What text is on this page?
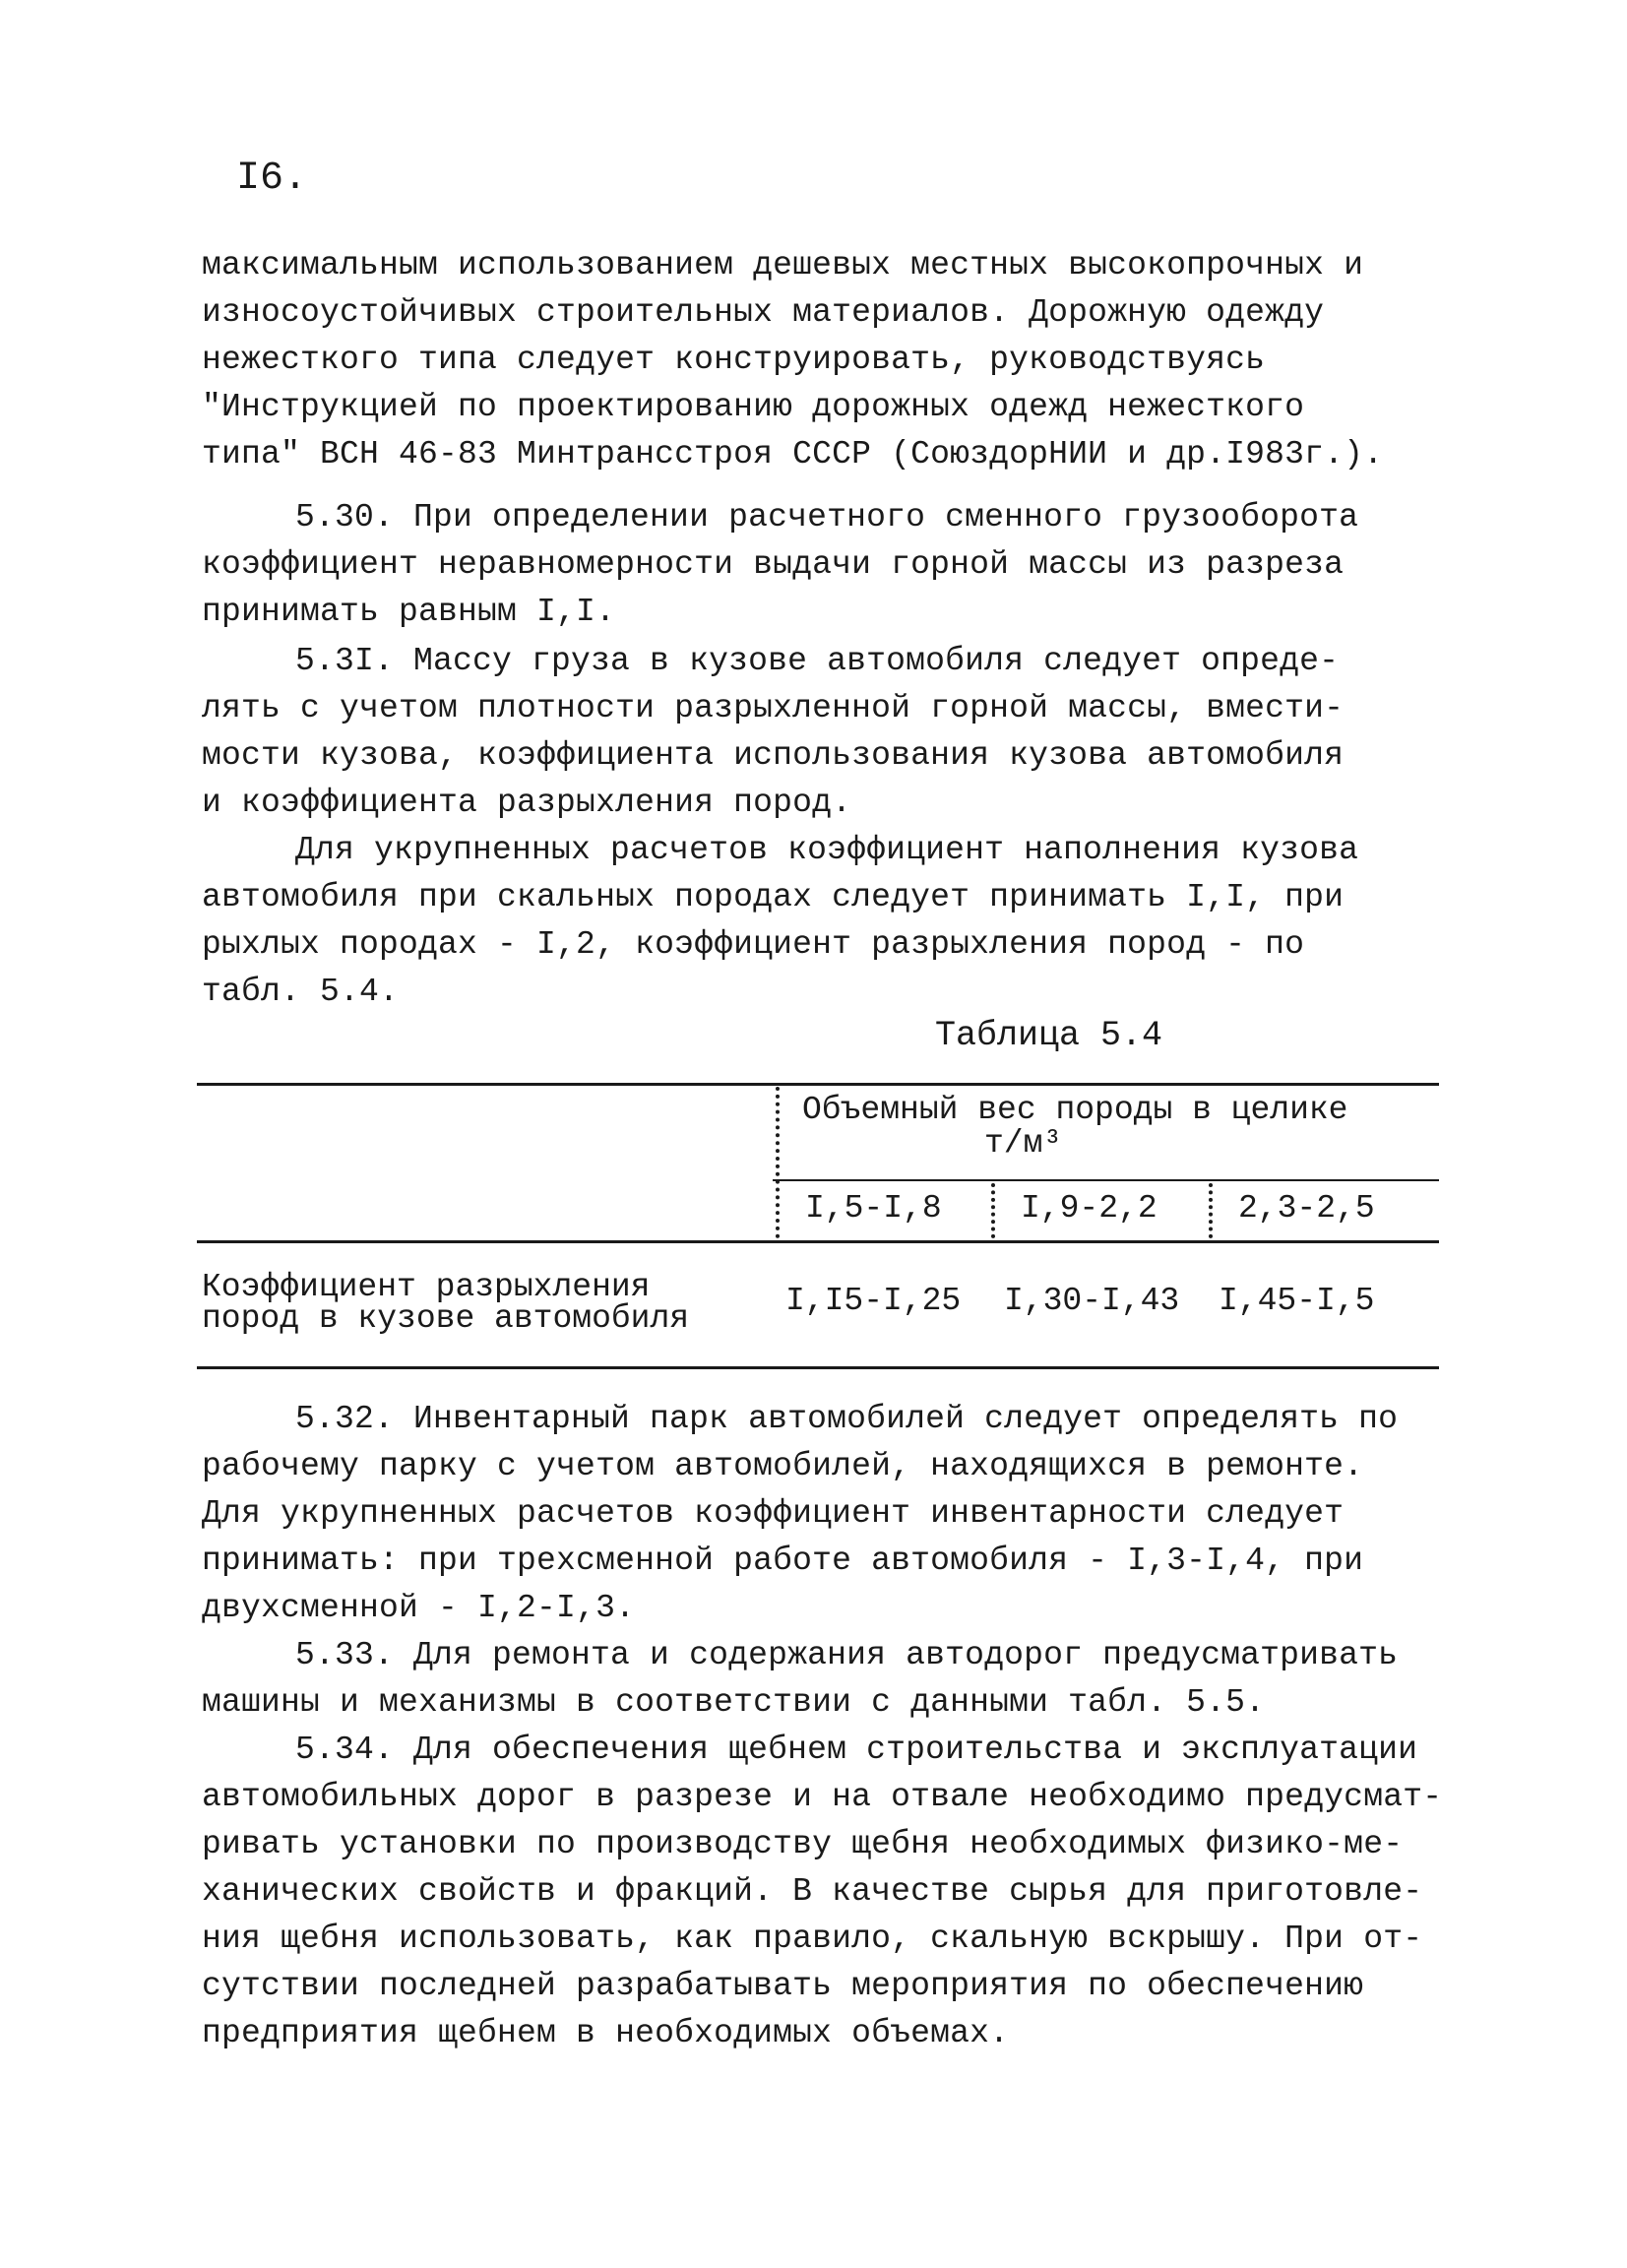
I6.
максимальным использованием дешевых местных высокопрочных и
износоустойчивых строительных материалов. Дорожную одежду
нежесткого типа следует конструировать, руководствуясь
"Инструкцией по проектированию дорожных одежд нежесткого
типа" ВСН 46-83 Минтрансстроя СССР (СоюздорНИИ и др.I983г.).
5.30. При определении расчетного сменного грузооборота
коэффициент неравномерности выдачи горной массы из разреза
принимать равным I,I.
5.3I. Массу груза в кузове автомобиля следует опреде-
лять с учетом плотности разрыхленной горной массы, вмести-
мости кузова, коэффициента использования кузова автомобиля
и коэффициента разрыхления пород.
Для укрупненных расчетов коэффициент наполнения кузова
автомобиля при скальных породах следует принимать I,I, при
рыхлых породах - I,2, коэффициент разрыхления пород - по
табл. 5.4.
Таблица 5.4
Объемный вес породы в целике
т/м³
I,5-I,8 I,9-2,2 2,3-2,5
Коэффициент разрыхления
пород в кузове автомобиля	I,I5-I,25 I,30-I,43 I,45-I,5
5.32. Инвентарный парк автомобилей следует определять по
рабочему парку с учетом автомобилей, находящихся в ремонте.
Для укрупненных расчетов коэффициент инвентарности следует
принимать: при трехсменной работе автомобиля - I,3-I,4, при
двухсменной - I,2-I,3.
5.33. Для ремонта и содержания автодорог предусматривать
машины и механизмы в соответствии с данными табл. 5.5.
5.34. Для обеспечения щебнем строительства и эксплуатации
автомобильных дорог в разрезе и на отвале необходимо предусмат-
ривать установки по производству щебня необходимых физико-ме-
ханических свойств и фракций. В качестве сырья для приготовле-
ния щебня использовать, как правило, скальную вскрышу. При от-
сутствии последней разрабатывать мероприятия по обеспечению
предприятия щебнем в необходимых объемах.
